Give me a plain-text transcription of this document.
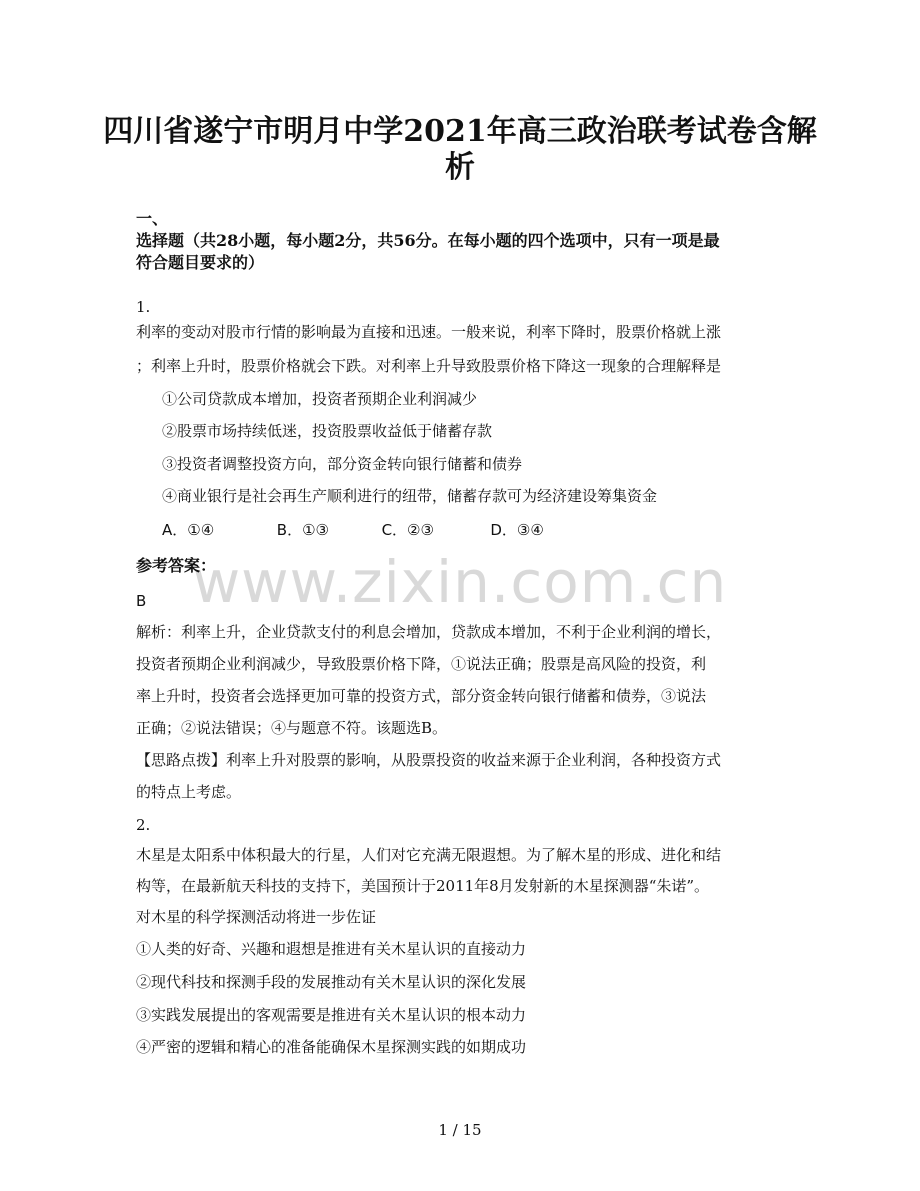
www.zixin.com.cn
四川省遂宁市明月中学2021年高三政治联考试卷含解
析
一、
选择题（共28小题，每小题2分，共56分。在每小题的四个选项中，只有一项是最
符合题目要求的）
1.
利率的变动对股市行情的影响最为直接和迅速。一般来说，利率下降时，股票价格就上涨
；利率上升时，股票价格就会下跌。对利率上升导致股票价格下降这一现象的合理解释是
①公司贷款成本增加，投资者预期企业利润减少
②股票市场持续低迷，投资股票收益低于储蓄存款
③投资者调整投资方向，部分资金转向银行储蓄和债券
④商业银行是社会再生产顺利进行的纽带，储蓄存款可为经济建设筹集资金
A．①④	B．①③	C．②③	D．③④
参考答案：
B
解析：利率上升，企业贷款支付的利息会增加，贷款成本增加，不利于企业利润的增长，
投资者预期企业利润减少，导致股票价格下降，①说法正确；股票是高风险的投资，利
率上升时，投资者会选择更加可靠的投资方式，部分资金转向银行储蓄和债券，③说法
正确；②说法错误；④与题意不符。该题选B。
【思路点拨】利率上升对股票的影响，从股票投资的收益来源于企业利润，各种投资方式
的特点上考虑。
2.
木星是太阳系中体积最大的行星，人们对它充满无限遐想。为了解木星的形成、进化和结
构等，在最新航天科技的支持下，美国预计于2011年8月发射新的木星探测器“朱诺”。
对木星的科学探测活动将进一步佐证
①人类的好奇、兴趣和遐想是推进有关木星认识的直接动力
②现代科技和探测手段的发展推动有关木星认识的深化发展
③实践发展提出的客观需要是推进有关木星认识的根本动力
④严密的逻辑和精心的准备能确保木星探测实践的如期成功
1 / 15
